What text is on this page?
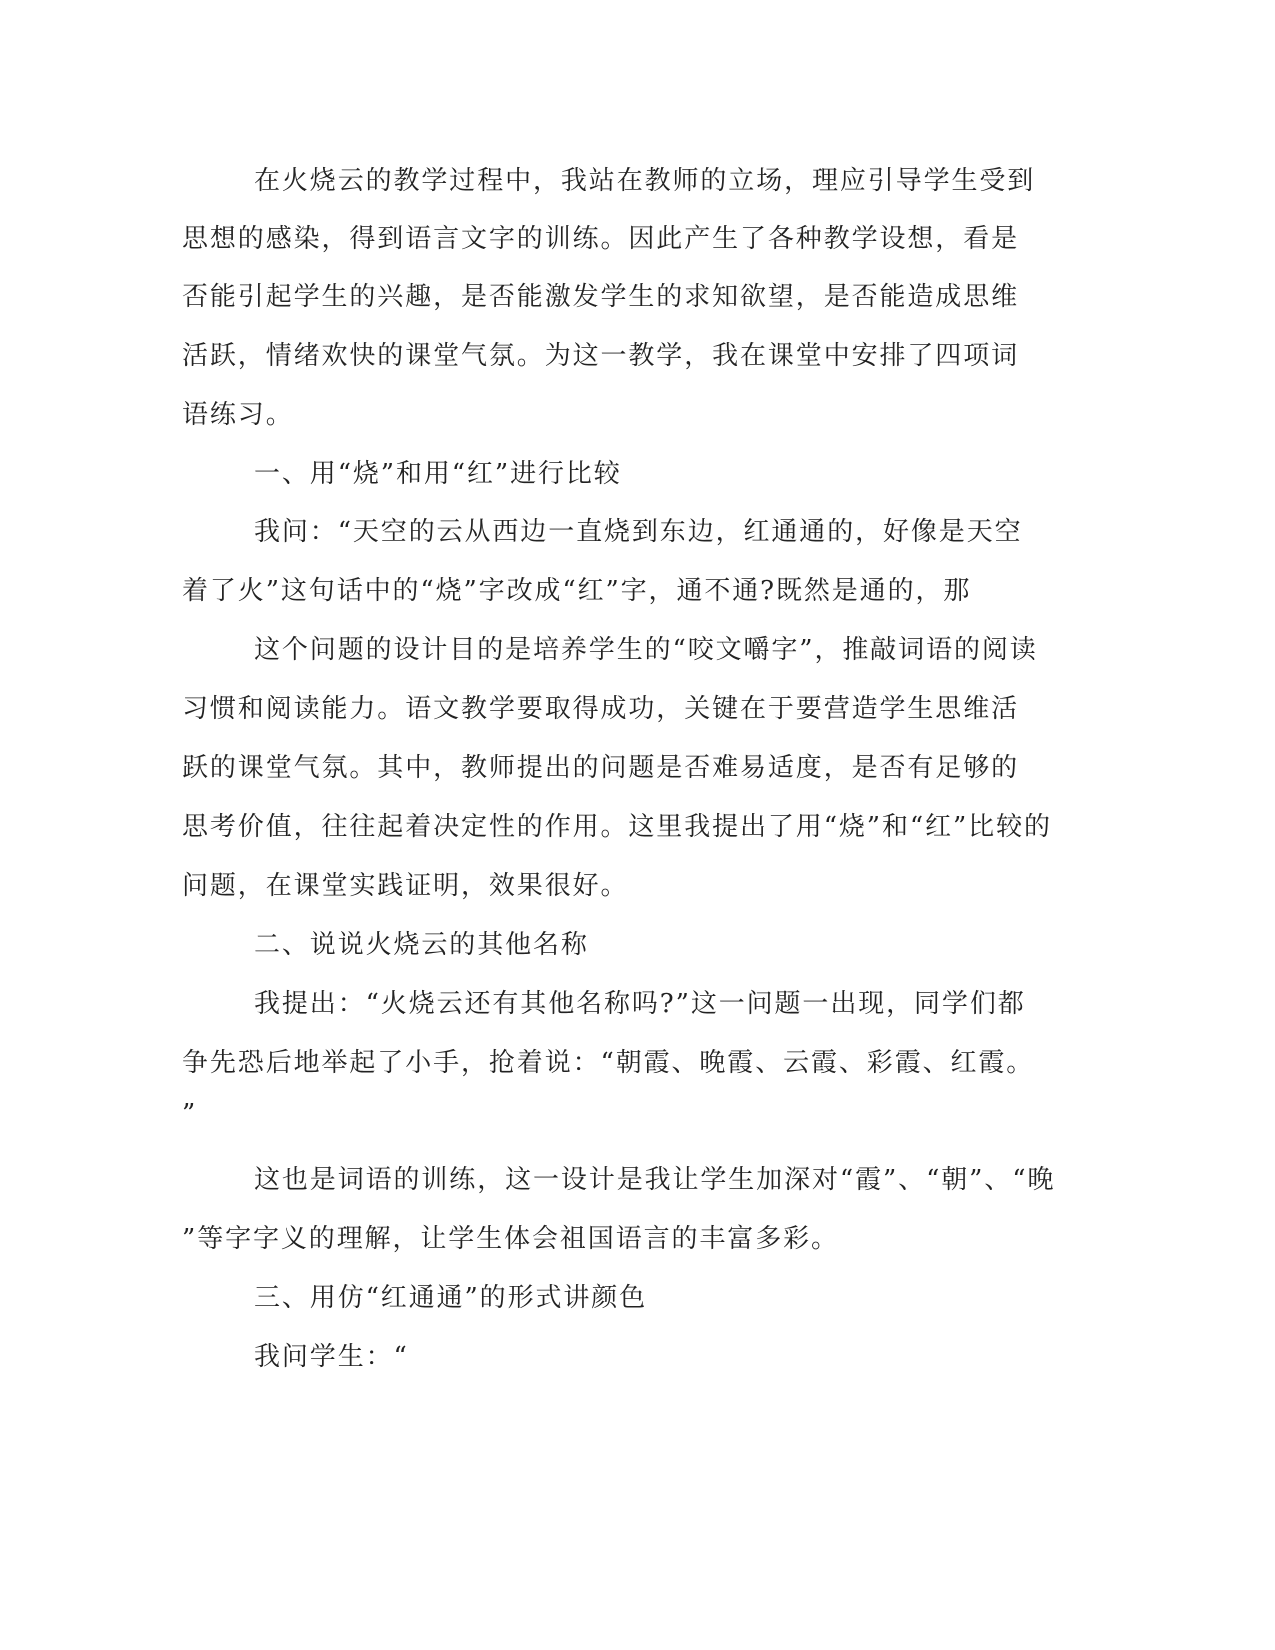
在火烧云的教学过程中，我站在教师的立场，理应引导学生受到
思想的感染，得到语言文字的训练。因此产生了各种教学设想，看是
否能引起学生的兴趣，是否能激发学生的求知欲望，是否能造成思维
活跃，情绪欢快的课堂气氛。为这一教学，我在课堂中安排了四项词
语练习。
一、用“烧”和用“红”进行比较
我问：“天空的云从西边一直烧到东边，红通通的，好像是天空
着了火”这句话中的“烧”字改成“红”字，通不通?既然是通的，那
这个问题的设计目的是培养学生的“咬文嚼字”，推敲词语的阅读
习惯和阅读能力。语文教学要取得成功，关键在于要营造学生思维活
跃的课堂气氛。其中，教师提出的问题是否难易适度，是否有足够的
思考价值，往往起着决定性的作用。这里我提出了用“烧”和“红”比较的
问题，在课堂实践证明，效果很好。
二、说说火烧云的其他名称
我提出：“火烧云还有其他名称吗?”这一问题一出现，同学们都
争先恐后地举起了小手，抢着说：“朝霞、晚霞、云霞、彩霞、红霞。
”
这也是词语的训练，这一设计是我让学生加深对“霞”、“朝”、“晚
”等字字义的理解，让学生体会祖国语言的丰富多彩。
三、用仿“红通通”的形式讲颜色
我问学生：“
